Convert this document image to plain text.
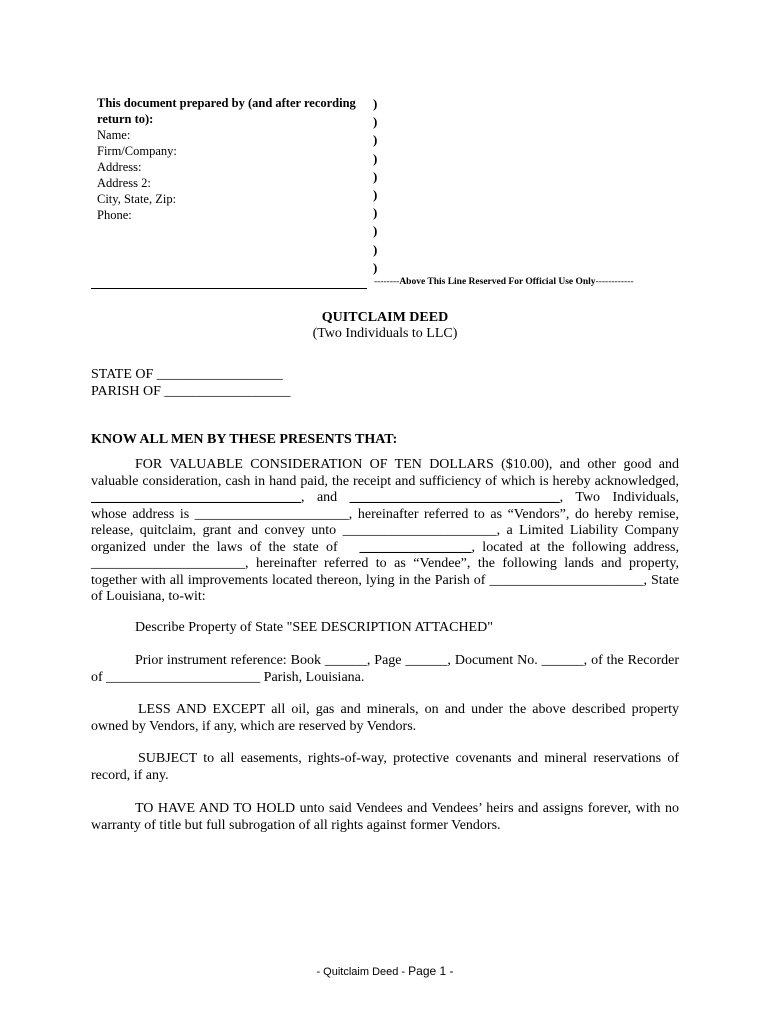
This document prepared by (and after recording return to):
Name:
Firm/Company:
Address:
Address 2:
City, State, Zip:
Phone:
)
)
)
)
)
)
)
)
)
)
--------Above This Line Reserved For Official Use Only------------
QUITCLAIM DEED
(Two Individuals to LLC)
STATE OF __________________
PARISH OF __________________
KNOW ALL MEN BY THESE PRESENTS THAT:

FOR VALUABLE CONSIDERATION OF TEN DOLLARS ($10.00), and other good and valuable consideration, cash in hand paid, the receipt and sufficiency of which is hereby acknowledged, ______________________________, and ______________________________, Two Individuals, whose address is ______________________, hereinafter referred to as “Vendors”, do hereby remise, release, quitclaim, grant and convey unto ______________________, a Limited Liability Company organized under the laws of the state of ________________, located at the following address, ______________________, hereinafter referred to as “Vendee”, the following lands and property, together with all improvements located thereon, lying in the Parish of ______________________, State of Louisiana, to-wit:

Describe Property of State "SEE DESCRIPTION ATTACHED"
Prior instrument reference: Book ______, Page ______, Document No. ______, of the Recorder of ______________________ Parish, Louisiana.
LESS AND EXCEPT all oil, gas and minerals, on and under the above described property owned by Vendors, if any, which are reserved by Vendors.
SUBJECT to all easements, rights-of-way, protective covenants and mineral reservations of record, if any.
TO HAVE AND TO HOLD unto said Vendees and Vendees’ heirs and assigns forever, with no warranty of title but full subrogation of all rights against former Vendors.
- Quitclaim Deed - Page 1 -
